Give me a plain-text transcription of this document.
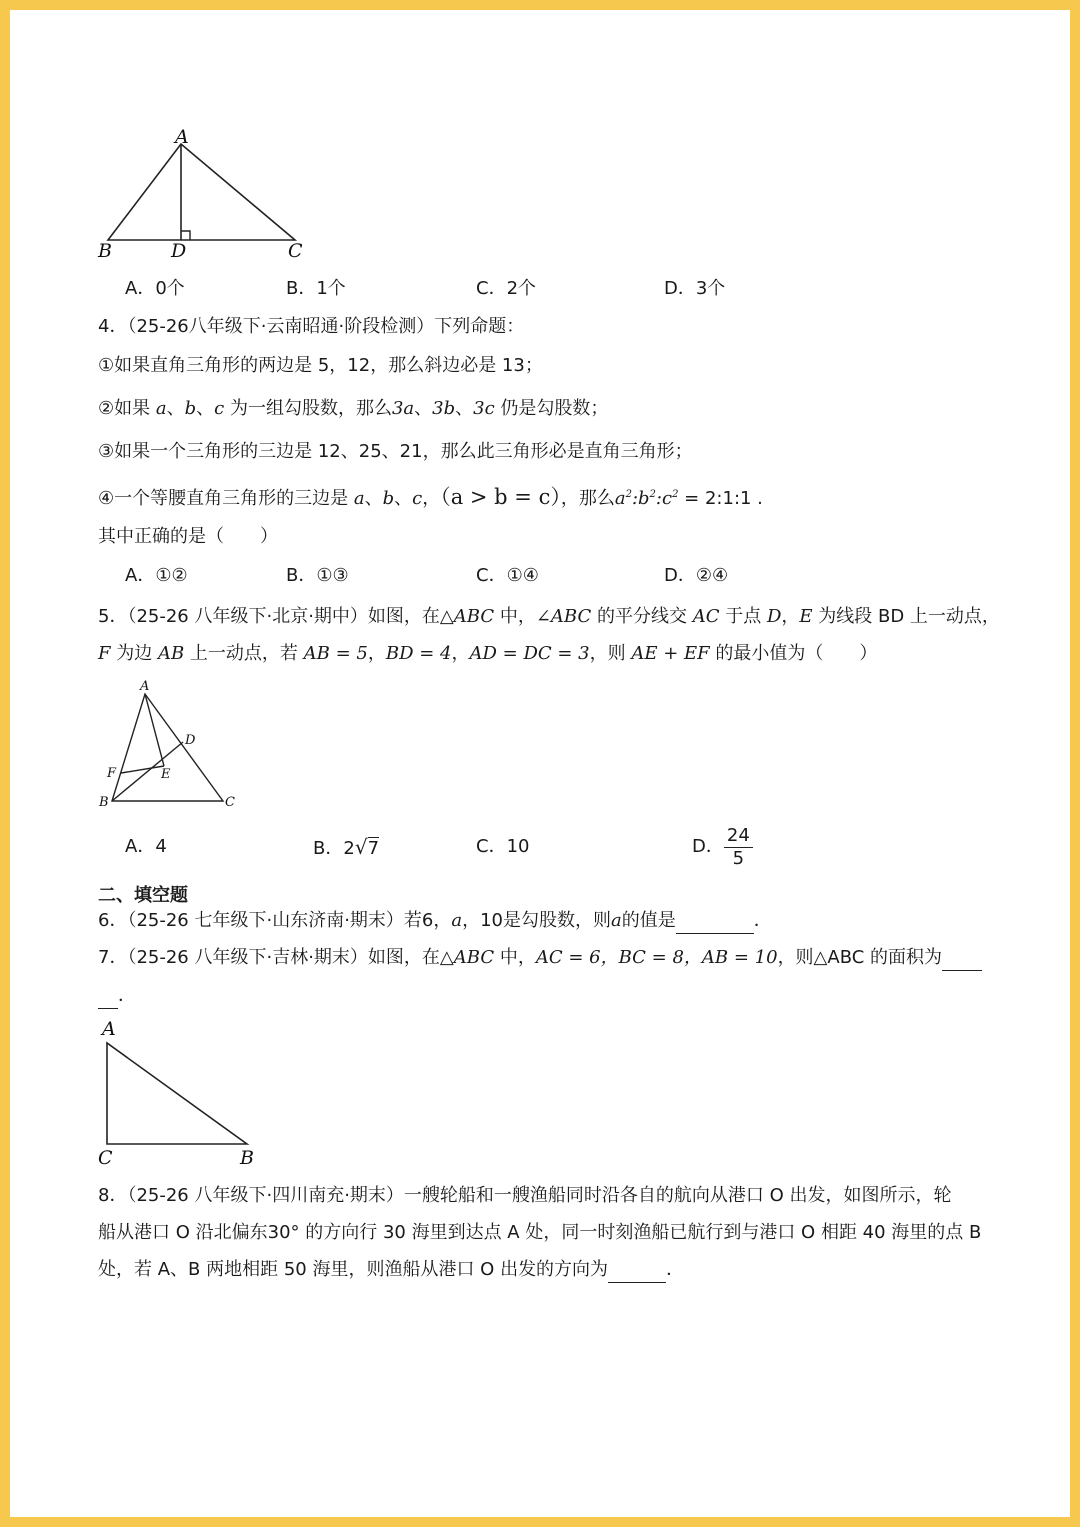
A
B	D	C
A．0个	B．1个	C．2个	D．3个
4．（25-26八年级下·云南昭通·阶段检测）下列命题：
①如果直角三角形的两边是 5，12，那么斜边必是 13；
②如果 a、b、c 为一组勾股数，那么3a、3b、3c 仍是勾股数；
③如果一个三角形的三边是 12、25、21，那么此三角形必是直角三角形；
④一个等腰直角三角形的三边是 a、b、c，（a > b = c），那么$a^2:b^2:c^2$ = 2:1:1 .
其中正确的是（　　）
A．①②	B．①③	C．①④	D．②④
5．（25-26 八年级下·北京·期中）如图，在△ABC 中，∠ABC 的平分线交 AC 于点 D，E 为线段 BD 上一动点，
F 为边 AB 上一动点，若 AB = 5，BD = 4，AD = DC = 3，则 AE + EF 的最小值为（　　）
A
D
F	E
B	C
A．4	B．2√7	C．10	D． $\frac{24}{5}$
二、填空题
6．（25-26 七年级下·山东济南·期末）若6，a，10是勾股数，则a的值是	．
7．（25-26 八年级下·吉林·期末）如图，在△ABC 中，AC = 6，BC = 8，AB = 10，则△ABC 的面积为
．
A
C	B
8．（25-26 八年级下·四川南充·期末）一艘轮船和一艘渔船同时沿各自的航向从港口 O 出发，如图所示，轮
船从港口 O 沿北偏东30° 的方向行 30 海里到达点 A 处，同一时刻渔船已航行到与港口 O 相距 40 海里的点 B
处，若 A、B 两地相距 50 海里，则渔船从港口 O 出发的方向为	．
